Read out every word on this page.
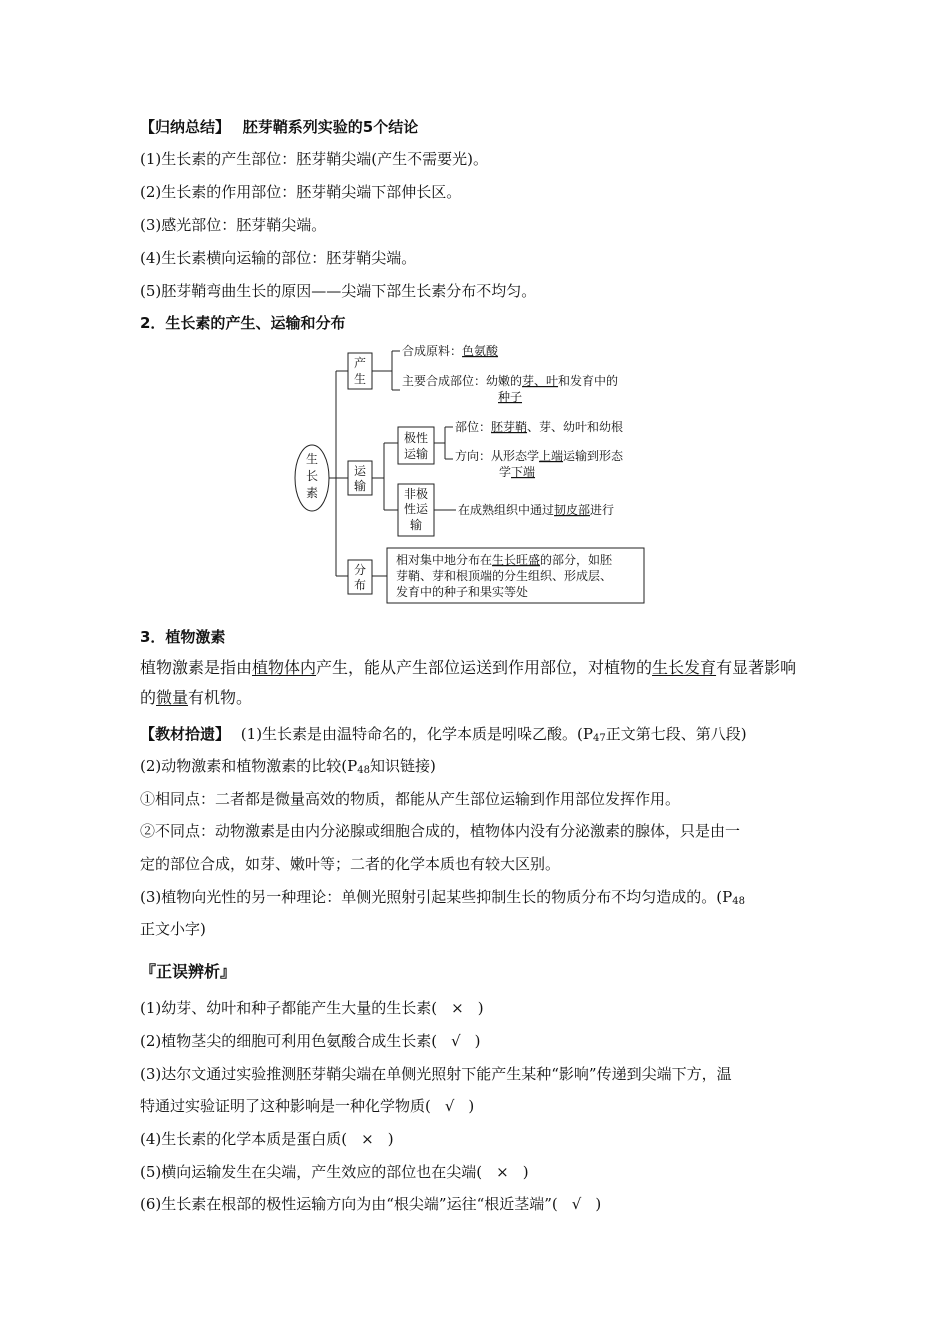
【归纳总结】 胚芽鞘系列实验的5个结论
(1)生长素的产生部位：胚芽鞘尖端(产生不需要光)。
(2)生长素的作用部位：胚芽鞘尖端下部伸长区。
(3)感光部位：胚芽鞘尖端。
(4)生长素横向运输的部位：胚芽鞘尖端。
(5)胚芽鞘弯曲生长的原因——尖端下部生长素分布不均匀。
2．生长素的产生、运输和分布
生
长
素
产
生
合成原料：色氨酸
主要合成部位：幼嫩的芽、叶和发育中的
种子
运
输
极性
运输
部位：胚芽鞘、芽、幼叶和幼根
方向：从形态学上端运输到形态
学下端
非极
性运
输
在成熟组织中通过韧皮部进行
分
布
相对集中地分布在生长旺盛的部分，如胚
芽鞘、芽和根顶端的分生组织、形成层、
发育中的种子和果实等处
3．植物激素
植物激素是指由植物体内产生，能从产生部位运送到作用部位，对植物的生长发育有显著影响的微量有机物。
【教材拾遗】 (1)生长素是由温特命名的，化学本质是吲哚乙酸。($P_{47}$正文第七段、第八段)
(2)动物激素和植物激素的比较($P_{48}$知识链接)
①相同点：二者都是微量高效的物质，都能从产生部位运输到作用部位发挥作用。
②不同点：动物激素是由内分泌腺或细胞合成的，植物体内没有分泌激素的腺体，只是由一
定的部位合成，如芽、嫩叶等；二者的化学本质也有较大区别。
(3)植物向光性的另一种理论：单侧光照射引起某些抑制生长的物质分布不均匀造成的。($P_{48}$
正文小字)
『正误辨析』
(1)幼芽、幼叶和种子都能产生大量的生长素( × )
(2)植物茎尖的细胞可利用色氨酸合成生长素( √ )
(3)达尔文通过实验推测胚芽鞘尖端在单侧光照射下能产生某种“影响”传递到尖端下方，温
特通过实验证明了这种影响是一种化学物质( √ )
(4)生长素的化学本质是蛋白质( × )
(5)横向运输发生在尖端，产生效应的部位也在尖端( × )
(6)生长素在根部的极性运输方向为由“根尖端”运往“根近茎端”( √ )
